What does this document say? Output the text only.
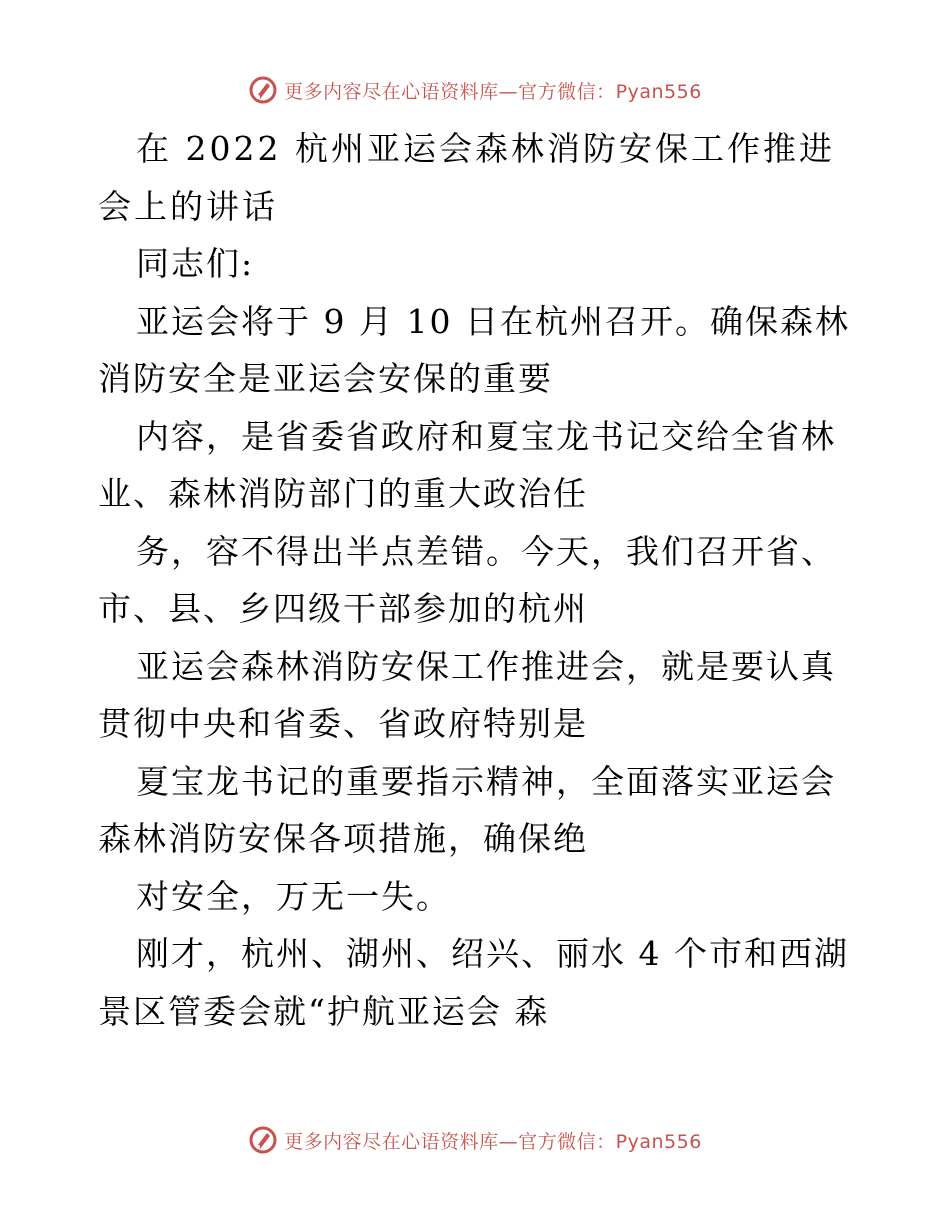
更多内容尽在心语资料库—官方微信：Pyan556

在 2022 杭州亚运会森林消防安保工作推进会上的讲话

同志们:

亚运会将于 9 月 10 日在杭州召开。确保森林消防安全是亚运会安保的重要

内容，是省委省政府和夏宝龙书记交给全省林业、森林消防部门的重大政治任

务，容不得出半点差错。今天，我们召开省、市、县、乡四级干部参加的杭州

亚运会森林消防安保工作推进会，就是要认真贯彻中央和省委、省政府特别是

夏宝龙书记的重要指示精神，全面落实亚运会森林消防安保各项措施，确保绝

对安全，万无一失。

刚才，杭州、湖州、绍兴、丽水 4 个市和西湖景区管委会就“护航亚运会 森

更多内容尽在心语资料库—官方微信：Pyan556
